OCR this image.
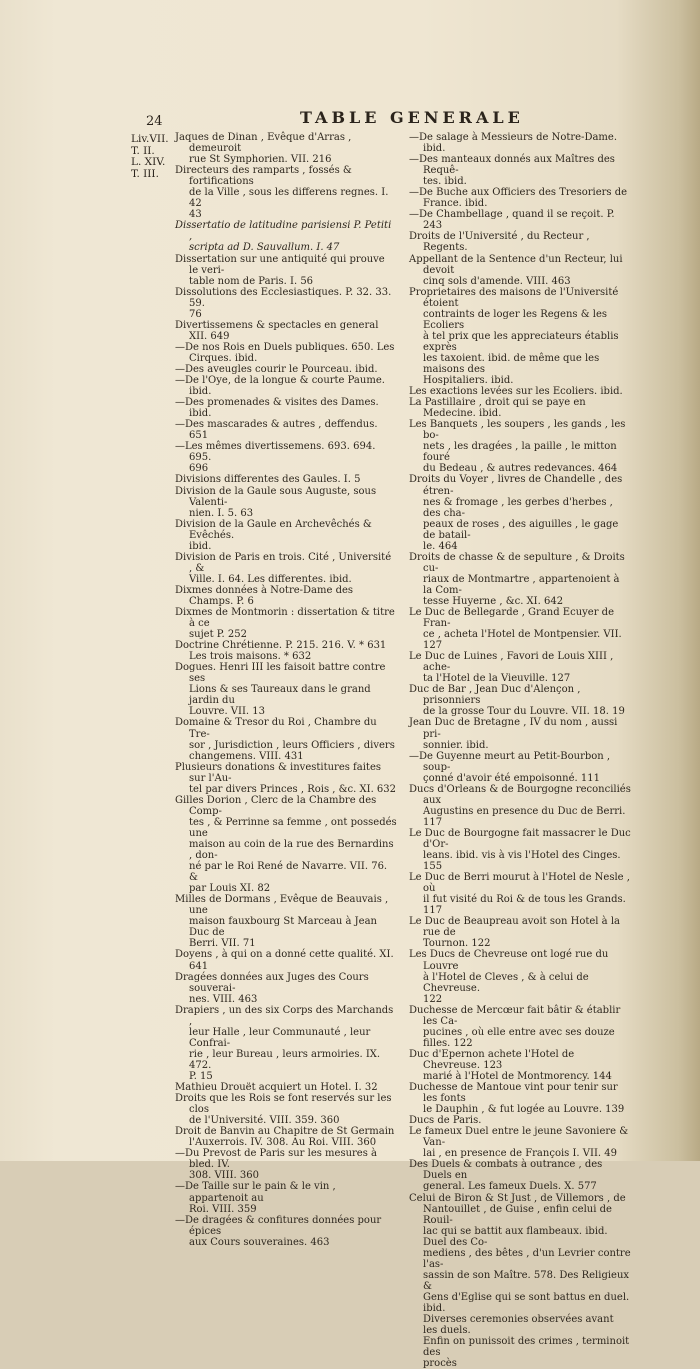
24	TABLE GENERALE
Liv.VII.
T. II.
L. XIV.
T. III.

Jaques de Dinan , Evêque d'Arras , demeuroit
rue St Symphorien. VII. 216

Directeurs des ramparts , fossés & fortifications
de la Ville , sous les differens regnes. I. 42
43

Dissertatio de latitudine parisiensi P. Petiti ,
scripta ad D. Sauvallum. I. 47

Dissertation sur une antiquité qui prouve le veri-
table nom de Paris. I. 56

Dissolutions des Ecclesiastiques. P. 32. 33. 59.
76

Divertissemens & spectacles en general XII. 649

—De nos Rois en Duels publiques. 650. Les
Cirques. ibid.

—Des aveugles courir le Pourceau. ibid.

—De l'Oye, de la longue & courte Paume. ibid.

—Des promenades & visites des Dames. ibid.

—Des mascarades & autres , deffendus. 651

—Les mêmes divertissemens. 693. 694. 695.
696

Divisions differentes des Gaules. I. 5

Division de la Gaule sous Auguste, sous Valenti-
nien. I. 5. 63

Division de la Gaule en Archevêchés & Evêchés.
ibid.

Division de Paris en trois. Cité , Université , &
Ville. I. 64. Les differentes. ibid.

Dixmes données à Notre-Dame des Champs. P. 6

Dixmes de Montmorin : dissertation & titre à ce
sujet P. 252

Doctrine Chrétienne. P. 215. 216. V. * 631
Les trois maisons. * 632

Dogues. Henri III les faisoit battre contre ses
Lions & ses Taureaux dans le grand jardin du
Louvre. VII. 13

Domaine & Tresor du Roi , Chambre du Tre-
sor , Jurisdiction , leurs Officiers , divers
changemens. VIII. 431

Plusieurs donations & investitures faites sur l'Au-
tel par divers Princes , Rois , &c. XI. 632

Gilles Dorion , Clerc de la Chambre des Comp-
tes , & Perrinne sa femme , ont possedés une
maison au coin de la rue des Bernardins , don-
né par le Roi René de Navarre. VII. 76. &
par Louis XI. 82

Milles de Dormans , Evêque de Beauvais , une
maison fauxbourg St Marceau à Jean Duc de
Berri. VII. 71

Doyens , à qui on a donné cette qualité. XI. 641

Dragées données aux Juges des Cours souverai-
nes. VIII. 463

Drapiers , un des six Corps des Marchands ,
leur Halle , leur Communauté , leur Confrai-
rie , leur Bureau , leurs armoiries. IX. 472.
P. 15

Mathieu Drouët acquiert un Hotel. I. 32

Droits que les Rois se font reservés sur les clos
de l'Université. VIII. 359. 360

Droit de Banvin au Chapitre de St Germain
l'Auxerrois. IV. 308. Au Roi. VIII. 360

—Du Prevost de Paris sur les mesures à bled. IV.
308. VIII. 360

—De Taille sur le pain & le vin , appartenoit au
Roi. VIII. 359

—De dragées & confitures données pour épices
aux Cours souveraines. 463

—De salage à Messieurs de Notre-Dame. ibid.

—Des manteaux donnés aux Maîtres des Requê-
tes. ibid.

—De Buche aux Officiers des Tresoriers de
France. ibid.

—De Chambellage , quand il se reçoit. P. 243

Droits de l'Université , du Recteur , Regents.

Appellant de la Sentence d'un Recteur, lui devoit
cinq sols d'amende. VIII. 463

Proprietaires des maisons de l'Université étoient
contraints de loger les Regens & les Ecoliers
à tel prix que les appreciateurs établis exprès
les taxoient. ibid. de même que les maisons des
Hospitaliers. ibid.

Les exactions levées sur les Ecoliers. ibid.

La Pastillaire , droit qui se paye en Medecine. ibid.

Les Banquets , les soupers , les gands , les bo-
nets , les dragées , la paille , le mitton fouré
du Bedeau , & autres redevances. 464

Droits du Voyer , livres de Chandelle , des étren-
nes & fromage , les gerbes d'herbes , des cha-
peaux de roses , des aiguilles , le gage de batail-
le. 464

Droits de chasse & de sepulture , & Droits cu-
riaux de Montmartre , appartenoient à la Com-
tesse Huyerne , &c. XI. 642

Le Duc de Bellegarde , Grand Ecuyer de Fran-
ce , acheta l'Hotel de Montpensier. VII. 127

Le Duc de Luines , Favori de Louis XIII , ache-
ta l'Hotel de la Vieuville. 127

Duc de Bar , Jean Duc d'Alençon , prisonniers
de la grosse Tour du Louvre. VII. 18. 19

Jean Duc de Bretagne , IV du nom , aussi pri-
sonnier. ibid.

—De Guyenne meurt au Petit-Bourbon , soup-
çonné d'avoir été empoisonné. 111

Ducs d'Orleans & de Bourgogne reconciliés aux
Augustins en presence du Duc de Berri. 117

Le Duc de Bourgogne fait massacrer le Duc d'Or-
leans. ibid. vis à vis l'Hotel des Cinges. 155

Le Duc de Berri mourut à l'Hotel de Nesle , où
il fut visité du Roi & de tous les Grands. 117

Le Duc de Beaupreau avoit son Hotel à la rue de
Tournon. 122

Les Ducs de Chevreuse ont logé rue du Louvre
à l'Hotel de Cleves , & à celui de Chevreuse.
122

Duchesse de Mercœur fait bâtir & établir les Ca-
pucines , où elle entre avec ses douze filles. 122

Duc d'Epernon achete l'Hotel de Chevreuse. 123
marié à l'Hotel de Montmorency. 144

Duchesse de Mantoue vint pour tenir sur les fonts
le Dauphin , & fut logée au Louvre. 139

Ducs de Paris.

Le fameux Duel entre le jeune Savoniere & Van-
lai , en presence de François I. VII. 49

Des Duels & combats à outrance , des Duels en
general. Les fameux Duels. X. 577

Celui de Biron & St Just , de Villemors , de
Nantouillet , de Guise , enfin celui de Rouil-
lac qui se battit aux flambeaux. ibid. Duel des Co-
mediens , des bêtes , d'un Levrier contre l'as-
sassin de son Maître. 578. Des Religieux &
Gens d'Eglise qui se sont battus en duel. ibid.
Diverses ceremonies observées avant les duels.
Enfin on punissoit des crimes , terminoit des
procès
